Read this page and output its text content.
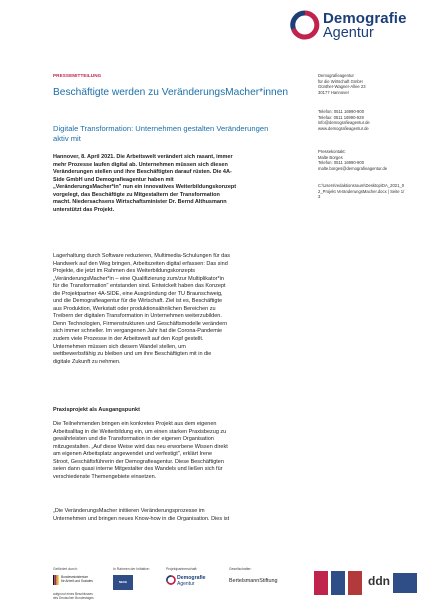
Demografie
Agentur
PRESSEMITTEILUNG
Beschäftigte werden zu VeränderungsMacher*innen
Digitale Transformation: Unternehmen gestalten Veränderungen
aktiv mit
Hannover, 8. April 2021. Die Arbeitswelt verändert sich rasant, immer
mehr Prozesse laufen digital ab. Unternehmen müssen sich diesen
Veränderungen stellen und ihre Beschäftigten darauf rüsten. Die 4A-
Side GmbH und Demografieagentur haben mit
„VeränderungsMacher*in" nun ein innovatives Weiterbildungskonzept
vorgelegt, das Beschäftigte zu Mitgestaltern der Transformation
macht. Niedersachsens Wirtschaftsminister Dr. Bernd Althusmann
unterstützt das Projekt.
Lagerhaltung durch Software reduzieren, Multimedia-Schulungen für das
Handwerk auf den Weg bringen, Arbeitszeiten digital erfassen: Das sind
Projekte, die jetzt im Rahmen des Weiterbildungskonzepts
„VeränderungsMacher*in – eine Qualifizierung zum/zur Multiplikator*in
für die Transformation" entstanden sind. Entwickelt haben das Konzept
die Projektpartner 4A-SIDE, eine Ausgründung der TU Braunschweig,
und die Demografieagentur für die Wirtschaft. Ziel ist es, Beschäftigte
aus Produktion, Werkstatt oder produktionsähnlichen Bereichen zu
Treibern der digitalen Transformation in Unternehmen weiterzubilden.
Denn Technologien, Firmenstrukturen und Geschäftsmodelle verändern
sich immer schneller. Im vergangenen Jahr hat die Corona-Pandemie
zudem viele Prozesse in der Arbeitswelt auf den Kopf gestellt.
Unternehmen müssen sich diesem Wandel stellen, um
wettbewerbsfähig zu bleiben und um ihre Beschäftigten mit in die
digitale Zukunft zu nehmen.
Praxisprojekt als Ausgangspunkt
Die Teilnehmenden bringen ein konkretes Projekt aus dem eigenen
Arbeitsalltag in die Weiterbildung ein, um einen starken Praxisbezug zu
gewährleisten und die Transformation in der eigenen Organisation
mitzugestalten. „Auf diese Weise wird das neu erworbene Wissen direkt
am eigenen Arbeitsplatz angewendet und verfestigt", erklärt Irene
Stroot, Geschäftsführerin der Demografieagentur. Diese Beschäftigten
seien dann quasi interne Mitgestalter des Wandels und ließen sich für
verschiedenste Themengebiete einsetzen.
„Die VeränderungsMacher initiieren Veränderungsprozesse im
Unternehmen und bringen neues Know-how in die Organisation. Dies ist
Demografieagentur
für die Wirtschaft GmbH
Günther-Wagner-Allee 23
30177 Hannover
Telefon: 0511 16990-900
Telefax: 0511 16990-929
info@demografieagentur.de
www.demografieagentur.de
Pressekontakt:
Malte Borges
Telefon: 0511 16990-900
malte.borges@demografieagentur.de
C:\Users\redaktionsraum\Desktop\DA_2021_0
2_Projekt VeränderungsMacher.docx | Seite 1/
3
Gefördert durch:
Bundesministerium
für Arbeit und Soziales
aufgrund eines Beschlusses
des Deutschen Bundestages
In Rahmen der Initiative:
NEUE QUALITÄT
Projektpartnerschaft:
Demografie
Agentur
Gesellschafter:
BertelsmannStiftung	ddn
